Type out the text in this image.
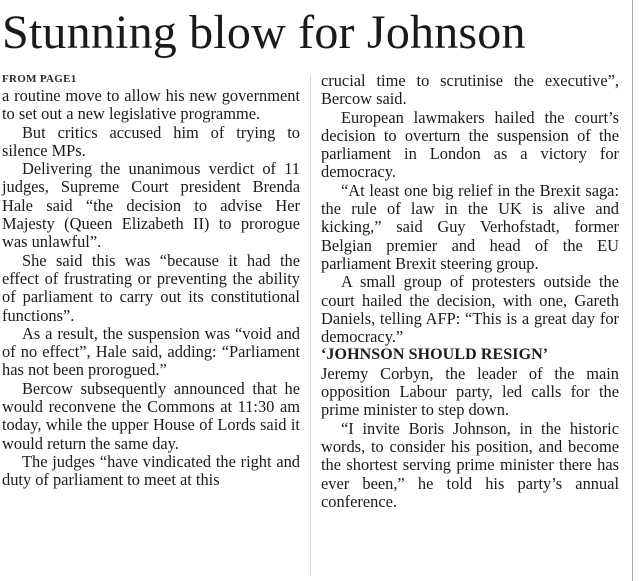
Stunning blow for Johnson
FROM PAGE1

a routine move to allow his new government to set out a new legislative programme.

But critics accused him of trying to silence MPs.

Delivering the unanimous verdict of 11 judges, Supreme Court president Brenda Hale said “the decision to advise Her Majesty (Queen Elizabeth II) to prorogue was unlawful”.

She said this was “because it had the effect of frustrating or preventing the ability of parliament to carry out its constitutional functions”.

As a result, the suspension was “void and of no effect”, Hale said, adding: “Parliament has not been prorogued.”

Bercow subsequently announced that he would reconvene the Commons at 11:30 am today, while the upper House of Lords said it would return the same day.

The judges “have vindicated the right and duty of parliament to meet at this

crucial time to scrutinise the executive”, Bercow said.

European lawmakers hailed the court’s decision to overturn the suspension of the parliament in London as a victory for democracy.

“At least one big relief in the Brexit saga: the rule of law in the UK is alive and kicking,” said Guy Verhofstadt, former Belgian premier and head of the EU parliament Brexit steering group.

A small group of protesters outside the court hailed the decision, with one, Gareth Daniels, telling AFP: “This is a great day for democracy.”

‘JOHNSON SHOULD RESIGN’

Jeremy Corbyn, the leader of the main opposition Labour party, led calls for the prime minister to step down.

“I invite Boris Johnson, in the historic words, to consider his position, and become the shortest serving prime minister there has ever been,” he told his party’s annual conference.
